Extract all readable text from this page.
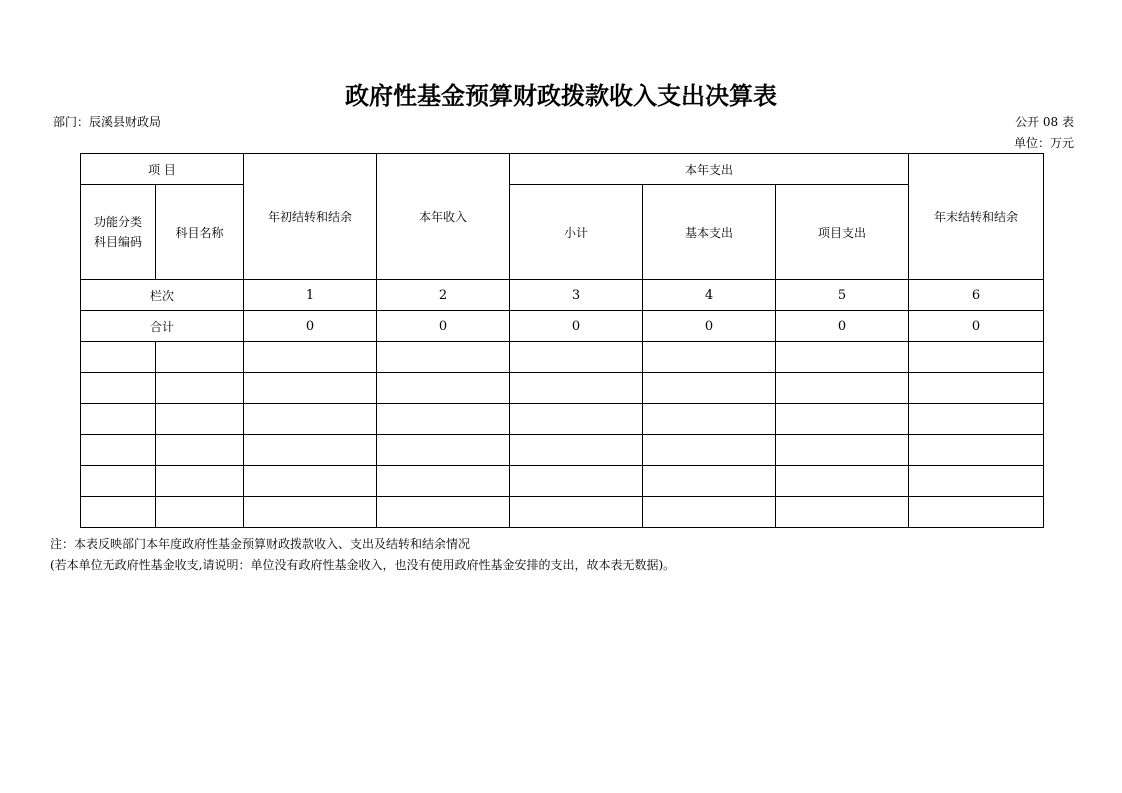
政府性基金预算财政拨款收入支出决算表
部门：辰溪县财政局	公开 08 表
单位：万元
项 目		年初结转和结余	本年收入	本年支出			年末结转和结余
功能分类
科目编码	科目名称			小计	基本支出	项目支出	
栏次		1	2	3	4	5	6
合计		0	0	0	0	0	0

注：本表反映部门本年度政府性基金预算财政拨款收入、支出及结转和结余情况
(若本单位无政府性基金收支,请说明：单位没有政府性基金收入，也没有使用政府性基金安排的支出，故本表无数据)。
